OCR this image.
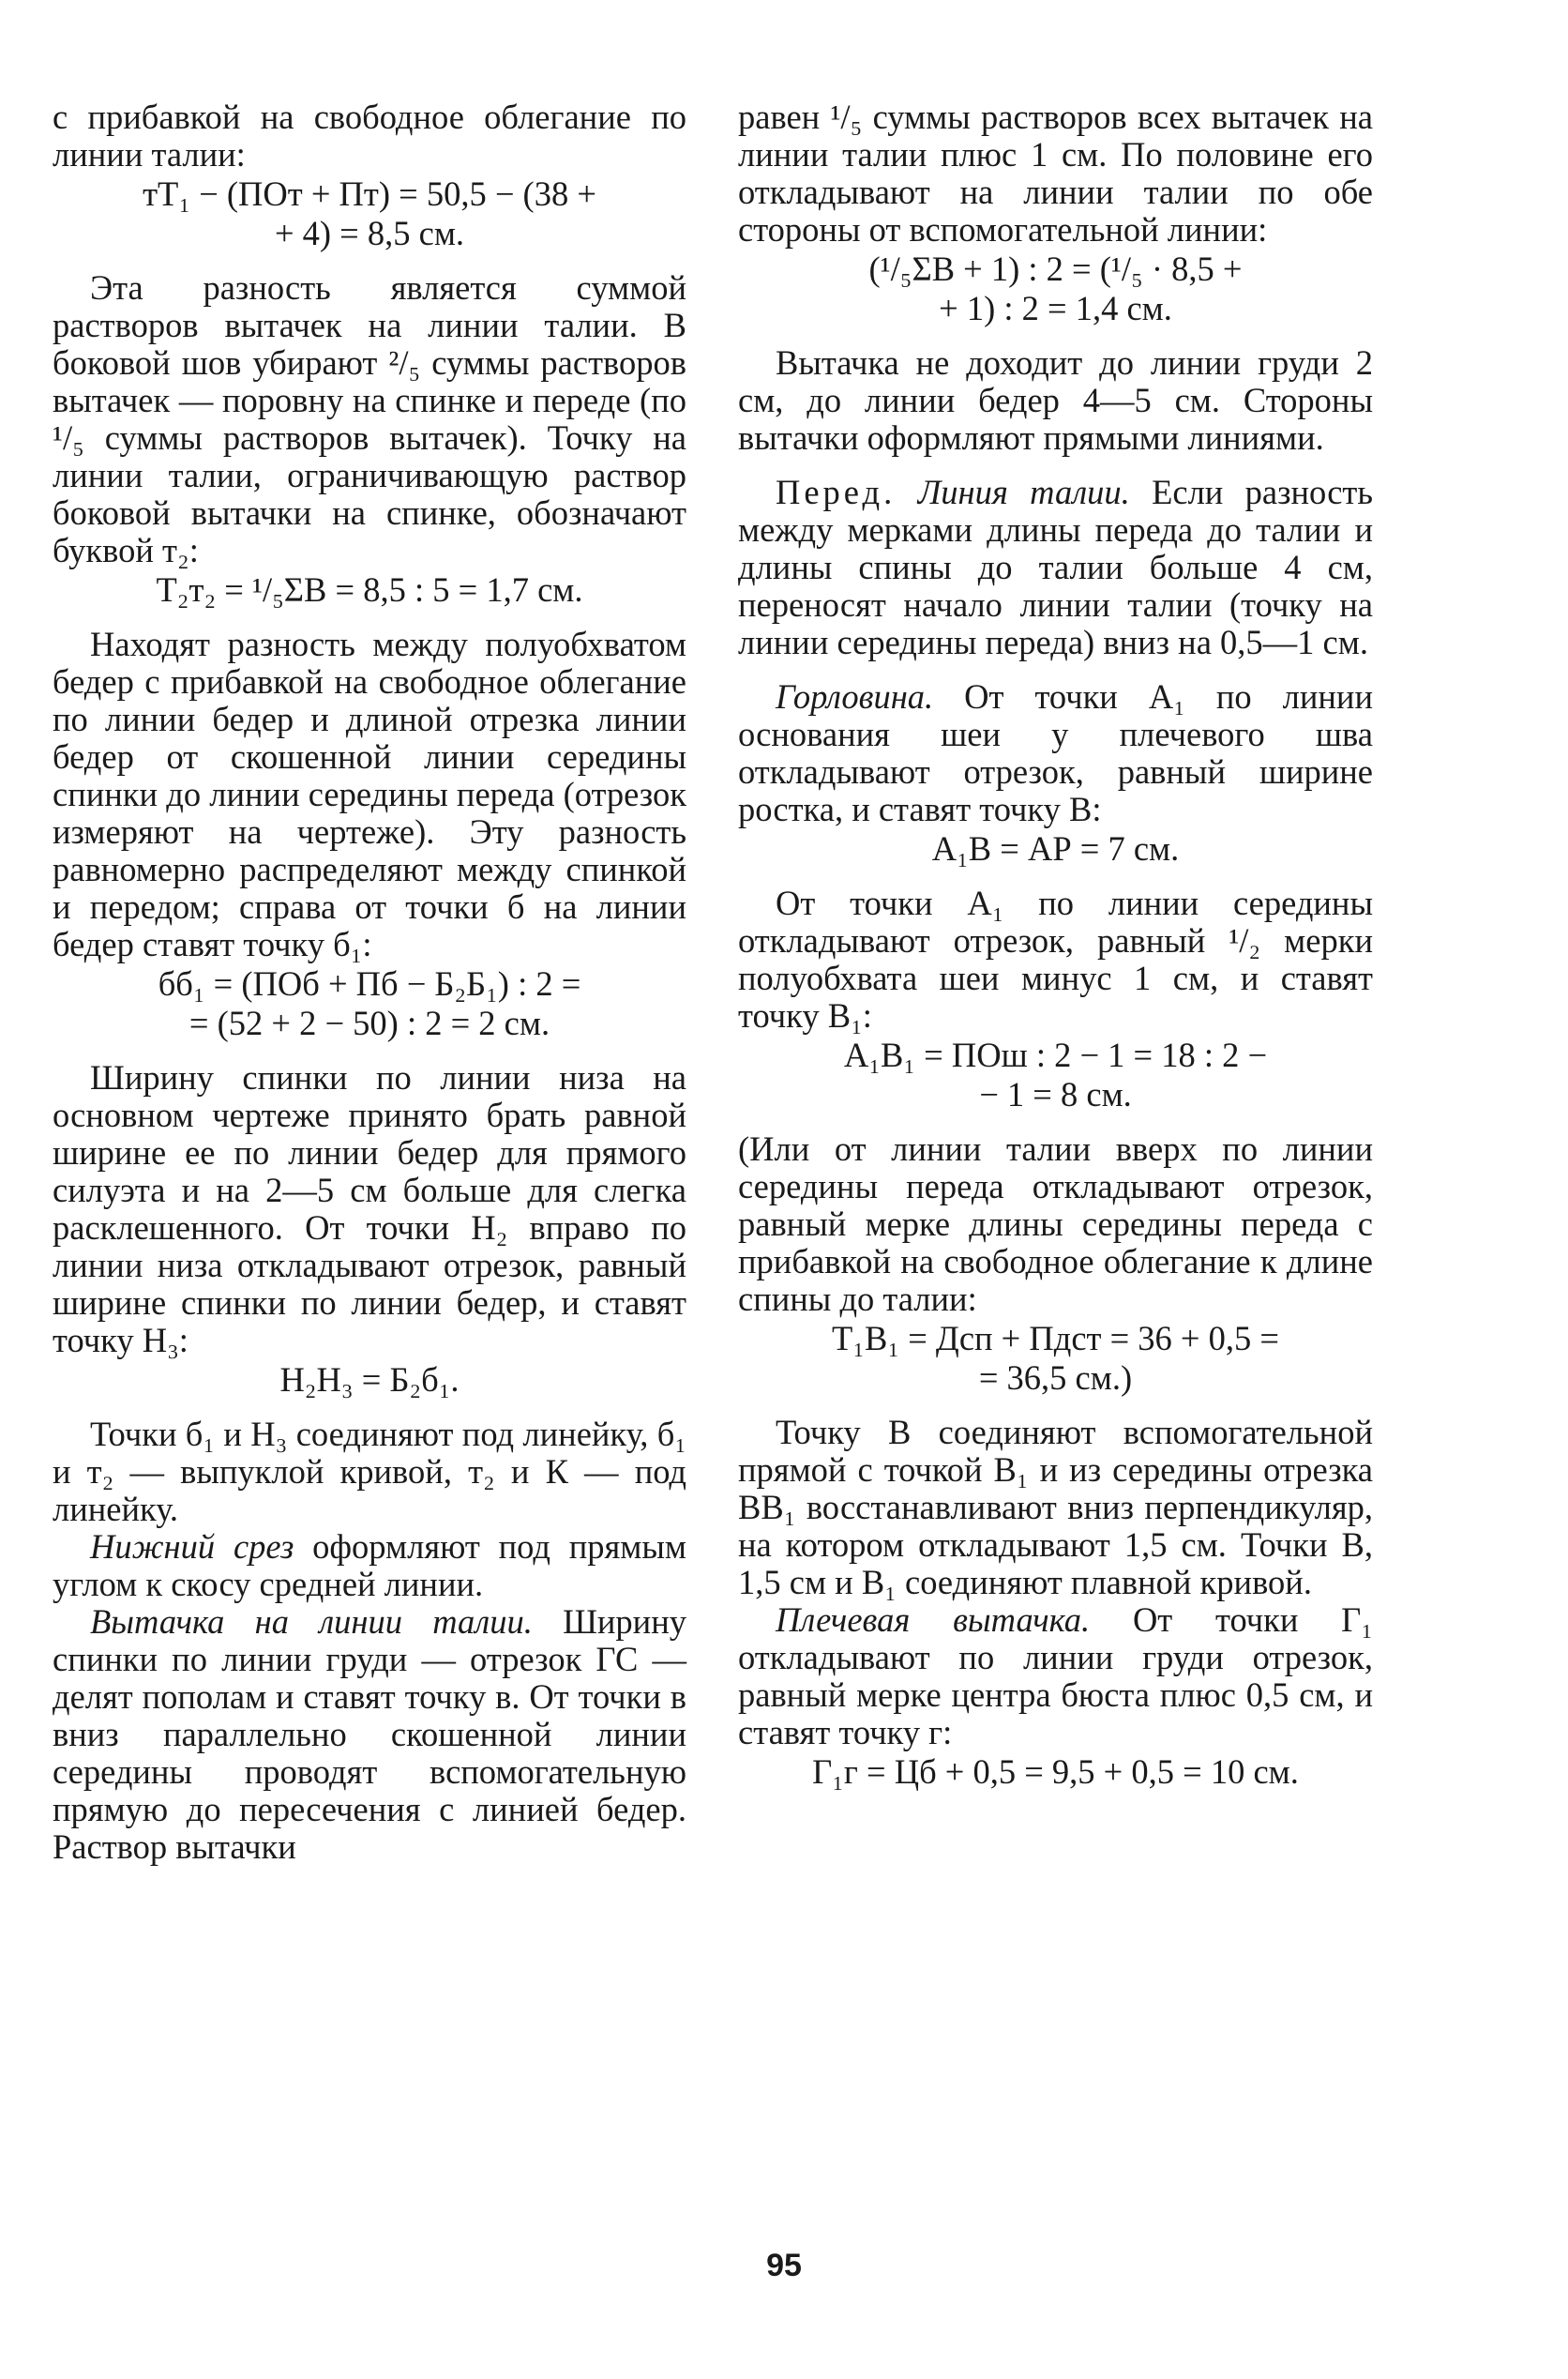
с прибавкой на свободное облегание по линии талии:

тТ₁ − (ПОт + Пт) = 50,5 − (38 +

+ 4) = 8,5 см.

Эта разность является суммой растворов вытачек на линии талии. В боковой шов убирают ²/₅ суммы растворов вытачек — поровну на спинке и переде (по ¹/₅ суммы растворов вытачек). Точку на линии талии, ограничивающую раствор боковой вытачки на спинке, обозначают буквой т₂:

Т₂т₂ = ¹/₅ΣВ = 8,5 : 5 = 1,7 см.

Находят разность между полуобхватом бедер с прибавкой на свободное облегание по линии бедер и длиной отрезка линии бедер от скошенной линии середины спинки до линии середины переда (отрезок измеряют на чертеже). Эту разность равномерно распределяют между спинкой и передом; справа от точки б на линии бедер ставят точку б₁:

бб₁ = (ПОб + Пб − Б₂Б₁) : 2 =

= (52 + 2 − 50) : 2 = 2 см.

Ширину спинки по линии низа на основном чертеже принято брать равной ширине ее по линии бедер для прямого силуэта и на 2—5 см больше для слегка расклешенного. От точки Н₂ вправо по линии низа откладывают отрезок, равный ширине спинки по линии бедер, и ставят точку Н₃:

Н₂Н₃ = Б₂б₁.

Точки б₁ и Н₃ соединяют под линейку, б₁ и т₂ — выпуклой кривой, т₂ и К — под линейку.

Нижний срез оформляют под прямым углом к скосу средней линии.

Вытачка на линии талии. Ширину спинки по линии груди — отрезок ГС — делят пополам и ставят точку в. От точки в вниз параллельно скошенной линии середины проводят вспомогательную прямую до пересечения с линией бедер. Раствор вытачки

равен ¹/₅ суммы растворов всех вытачек на линии талии плюс 1 см. По половине его откладывают на линии талии по обе стороны от вспомогательной линии:

(¹/₅ΣВ + 1) : 2 = (¹/₅ · 8,5 +

+ 1) : 2 = 1,4 см.

Вытачка не доходит до линии груди 2 см, до линии бедер 4—5 см. Стороны вытачки оформляют прямыми линиями.

Перед. Линия талии. Если разность между мерками длины переда до талии и длины спины до талии больше 4 см, переносят начало линии талии (точку на линии середины переда) вниз на 0,5—1 см.

Горловина. От точки А₁ по линии основания шеи у плечевого шва откладывают отрезок, равный ширине ростка, и ставят точку В:

А₁В = АР = 7 см.

От точки А₁ по линии середины откладывают отрезок, равный ¹/₂ мерки полуобхвата шеи минус 1 см, и ставят точку В₁:

А₁В₁ = ПОш : 2 − 1 = 18 : 2 −

− 1 = 8 см.

(Или от линии талии вверх по линии середины переда откладывают отрезок, равный мерке длины середины переда с прибавкой на свободное облегание к длине спины до талии:

Т₁В₁ = Дсп + Пдст = 36 + 0,5 =

= 36,5 см.)

Точку В соединяют вспомогательной прямой с точкой В₁ и из середины отрезка ВВ₁ восстанавливают вниз перпендикуляр, на котором откладывают 1,5 см. Точки В, 1,5 см и В₁ соединяют плавной кривой.

Плечевая вытачка. От точки Г₁ откладывают по линии груди отрезок, равный мерке центра бюста плюс 0,5 см, и ставят точку г:

Г₁г = Цб + 0,5 = 9,5 + 0,5 = 10 см.

95
